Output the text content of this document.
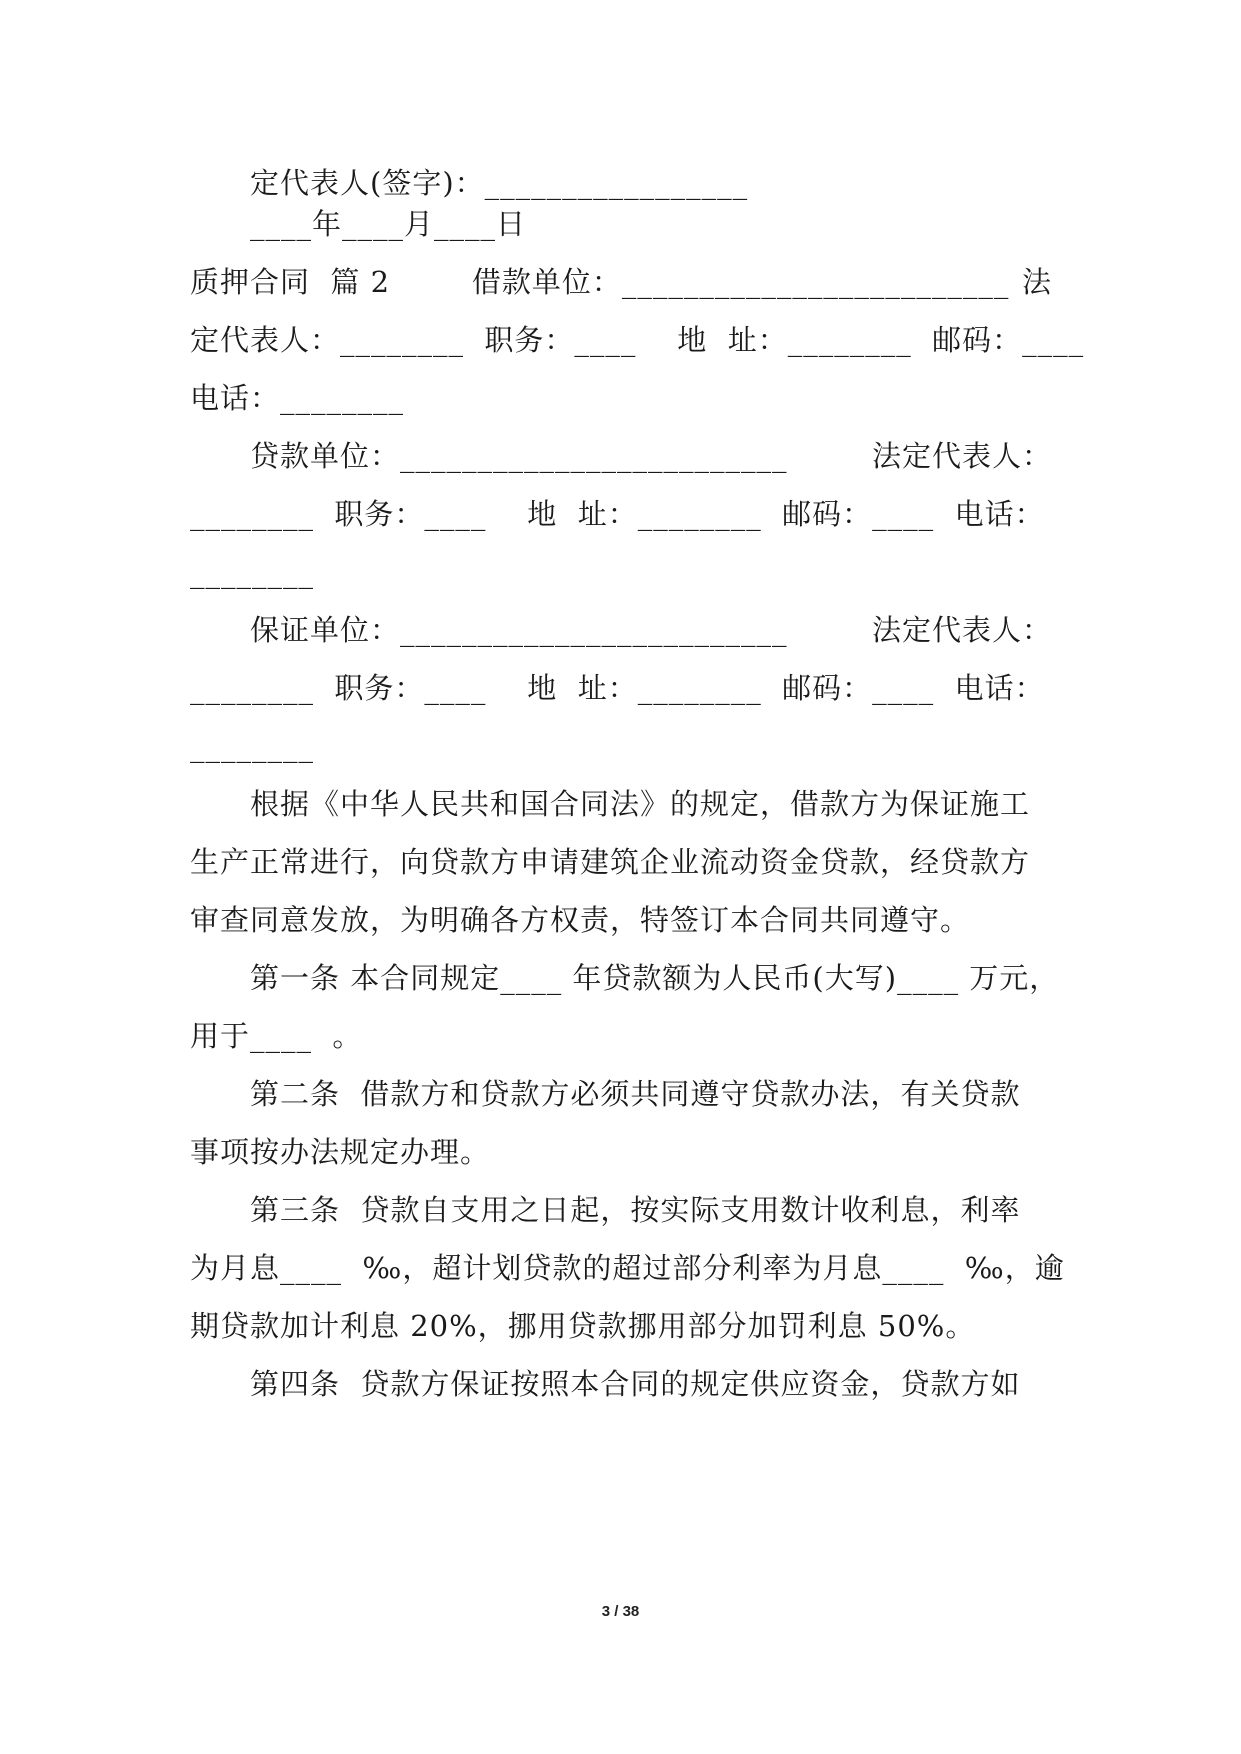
定代表人(签字)：_________________
____年____月____日
质押合同  篇 2        借款单位：_________________________ 法
定代表人：________  职务：____    地  址：________  邮码：____
电话：________
贷款单位：_________________________	法定代表人：
________  职务：____    地  址：________  邮码：____  电话：
________
保证单位：_________________________	法定代表人：
________  职务：____    地  址：________  邮码：____  电话：
________
根据《中华人民共和国合同法》的规定，借款方为保证施工
生产正常进行，向贷款方申请建筑企业流动资金贷款，经贷款方
审查同意发放，为明确各方权责，特签订本合同共同遵守。
第一条 本合同规定____ 年贷款额为人民币(大写)____ 万元，
用于____  。
第二条  借款方和贷款方必须共同遵守贷款办法，有关贷款
事项按办法规定办理。
第三条  贷款自支用之日起，按实际支用数计收利息，利率
为月息____  ‰，超计划贷款的超过部分利率为月息____  ‰，逾
期贷款加计利息 20%，挪用贷款挪用部分加罚利息 50%。
第四条  贷款方保证按照本合同的规定供应资金，贷款方如
3 / 38
